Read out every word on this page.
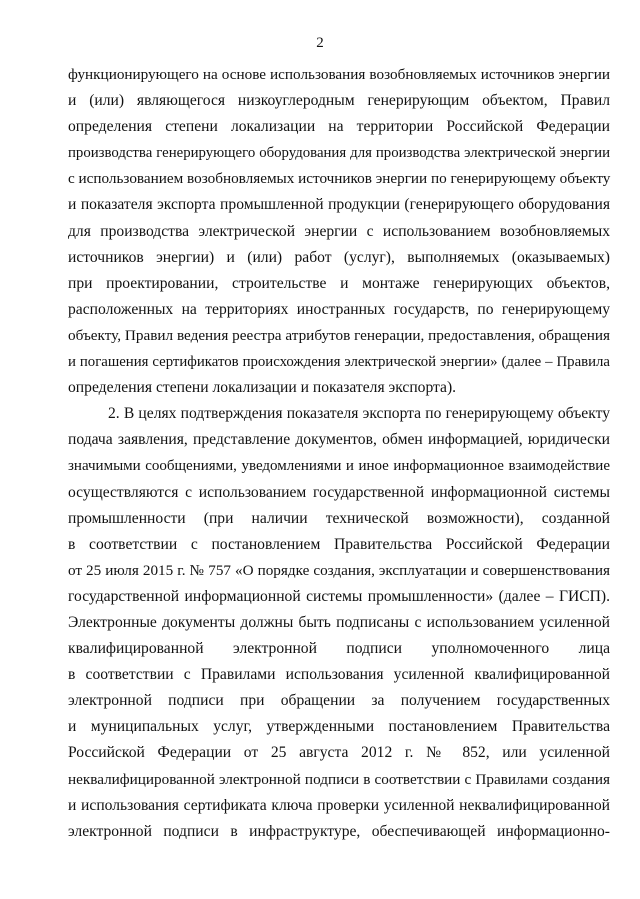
2
функционирующего на основе использования возобновляемых источников энергии
и (или) являющегося низкоуглеродным генерирующим объектом, Правил
определения степени локализации на территории Российской Федерации
производства генерирующего оборудования для производства электрической энергии
с использованием возобновляемых источников энергии по генерирующему объекту
и показателя экспорта промышленной продукции (генерирующего оборудования
для производства электрической энергии с использованием возобновляемых
источников энергии) и (или) работ (услуг), выполняемых (оказываемых)
при проектировании, строительстве и монтаже генерирующих объектов,
расположенных на территориях иностранных государств, по генерирующему
объекту, Правил ведения реестра атрибутов генерации, предоставления, обращения
и погашения сертификатов происхождения электрической энергии» (далее – Правила
определения степени локализации и показателя экспорта).
2. В целях подтверждения показателя экспорта по генерирующему объекту
подача заявления, представление документов, обмен информацией, юридически
значимыми сообщениями, уведомлениями и иное информационное взаимодействие
осуществляются с использованием государственной информационной системы
промышленности (при наличии технической возможности), созданной
в соответствии с постановлением Правительства Российской Федерации
от 25 июля 2015 г. № 757 «О порядке создания, эксплуатации и совершенствования
государственной информационной системы промышленности» (далее – ГИСП).
Электронные документы должны быть подписаны с использованием усиленной
квалифицированной электронной подписи уполномоченного лица
в соответствии с Правилами использования усиленной квалифицированной
электронной подписи при обращении за получением государственных
и муниципальных услуг, утвержденными постановлением Правительства
Российской Федерации от 25 августа 2012 г. № 852, или усиленной
неквалифицированной электронной подписи в соответствии с Правилами создания
и использования сертификата ключа проверки усиленной неквалифицированной
электронной подписи в инфраструктуре, обеспечивающей информационно-
